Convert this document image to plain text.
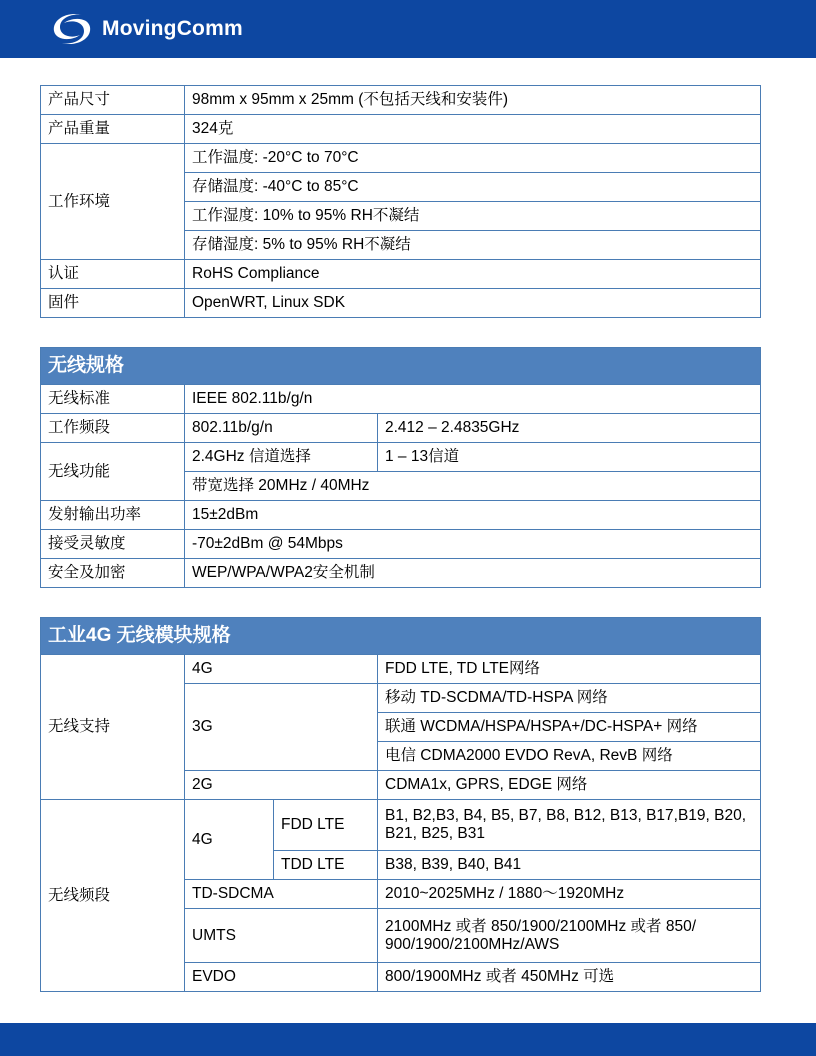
MovingComm
产品尺寸	98mm x 95mm x 25mm (不包括天线和安装件)
产品重量	324克
工作环境	工作温度: -20°C to 70°C
	存储温度: -40°C to 85°C
	工作湿度: 10% to 95% RH不凝结
	存储湿度: 5% to 95% RH不凝结
认证	RoHS Compliance
固件	OpenWRT, Linux SDK
无线规格		
无线标准	IEEE 802.11b/g/n	
工作频段	802.11b/g/n	2.412 – 2.4835GHz
无线功能	2.4GHz 信道选择	1 – 13信道
	带宽选择 20MHz / 40MHz	
发射输出功率	15±2dBm	
接受灵敏度	-70±2dBm @ 54Mbps	
安全及加密	WEP/WPA/WPA2安全机制	
工业4G 无线模块规格			
无线支持	4G		FDD LTE, TD LTE网络
	3G		移动 TD-SCDMA/TD-HSPA 网络
			联通 WCDMA/HSPA/HSPA+/DC-HSPA+ 网络
			电信 CDMA2000 EVDO RevA, RevB 网络
	2G		CDMA1x, GPRS, EDGE 网络
无线频段	4G	FDD LTE	B1, B2,B3, B4, B5, B7, B8, B12, B13, B17,B19, B20, B21, B25, B31
		TDD LTE	B38, B39, B40, B41
	TD-SDCMA		2010~2025MHz / 1880～1920MHz
	UMTS		2100MHz 或者 850/1900/2100MHz 或者 850/ 900/1900/2100MHz/AWS
	EVDO		800/1900MHz 或者 450MHz 可选
